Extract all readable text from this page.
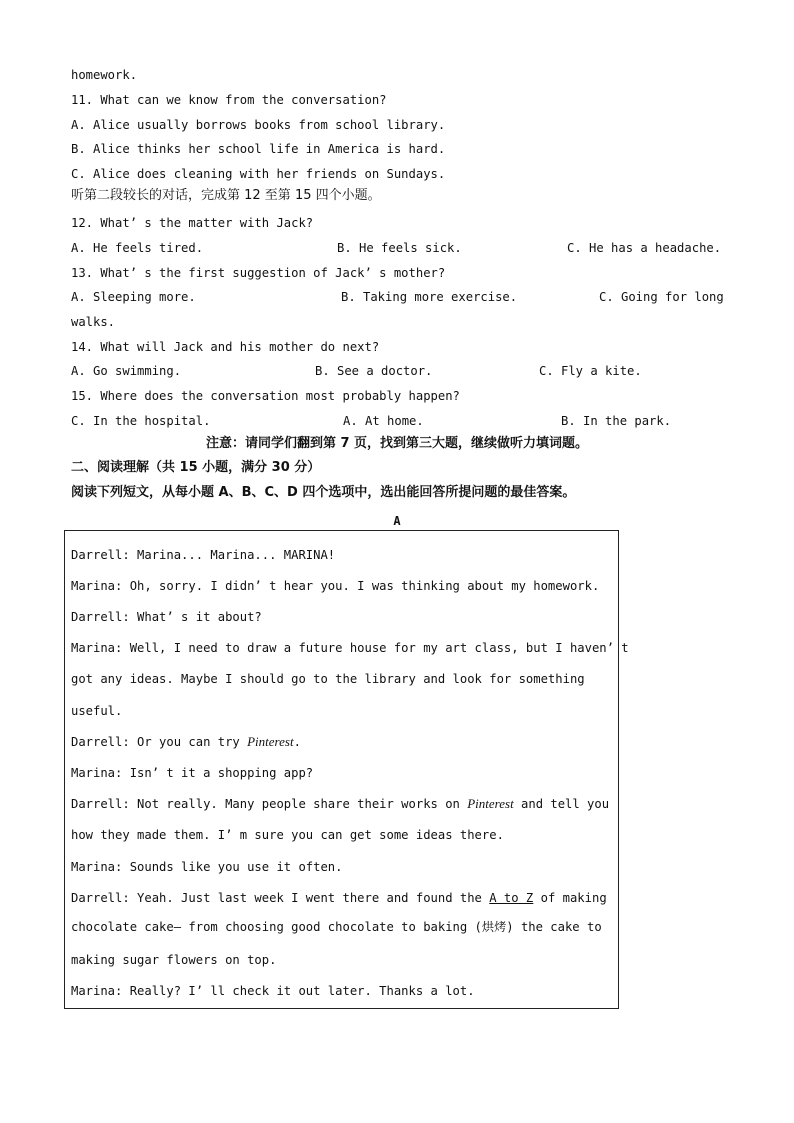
homework.
11. What can we know from the conversation?
A. Alice usually borrows books from school library.
B. Alice thinks her school life in America is hard.
C. Alice does cleaning with her friends on Sundays.
听第二段较长的对话，完成第 12 至第 15 四个小题。
12. What’ s the matter with Jack?
A. He feels tired.	B. He feels sick.	C. He has a headache.
13. What’ s the first suggestion of Jack’ s mother?
A. Sleeping more.	B. Taking more exercise.	C. Going for long
walks.
14. What will Jack and his mother do next?
A. Go swimming.	B. See a doctor.	C. Fly a kite.
15. Where does the conversation most probably happen?
C. In the hospital.	A. At home.	B. In the park.
注意：请同学们翻到第 7 页，找到第三大题，继续做听力填词题。
二、阅读理解（共 15 小题，满分 30 分）
阅读下列短文，从每小题 A、B、C、D 四个选项中，选出能回答所提问题的最佳答案。
A
Darrell: Marina... Marina... MARINA!
Marina: Oh, sorry. I didn’ t hear you. I was thinking about my homework.
Darrell: What’ s it about?
Marina: Well, I need to draw a future house for my art class, but I haven’ t
got any ideas. Maybe I should go to the library and look for something
useful.
Darrell: Or you can try Pinterest.
Marina: Isn’ t it a shopping app?
Darrell: Not really. Many people share their works on Pinterest and tell you
how they made them. I’ m sure you can get some ideas there.
Marina: Sounds like you use it often.
Darrell: Yeah. Just last week I went there and found the A to Z of making
chocolate cake— from choosing good chocolate to baking (烘烤) the cake to
making sugar flowers on top.
Marina: Really? I’ ll check it out later. Thanks a lot.
